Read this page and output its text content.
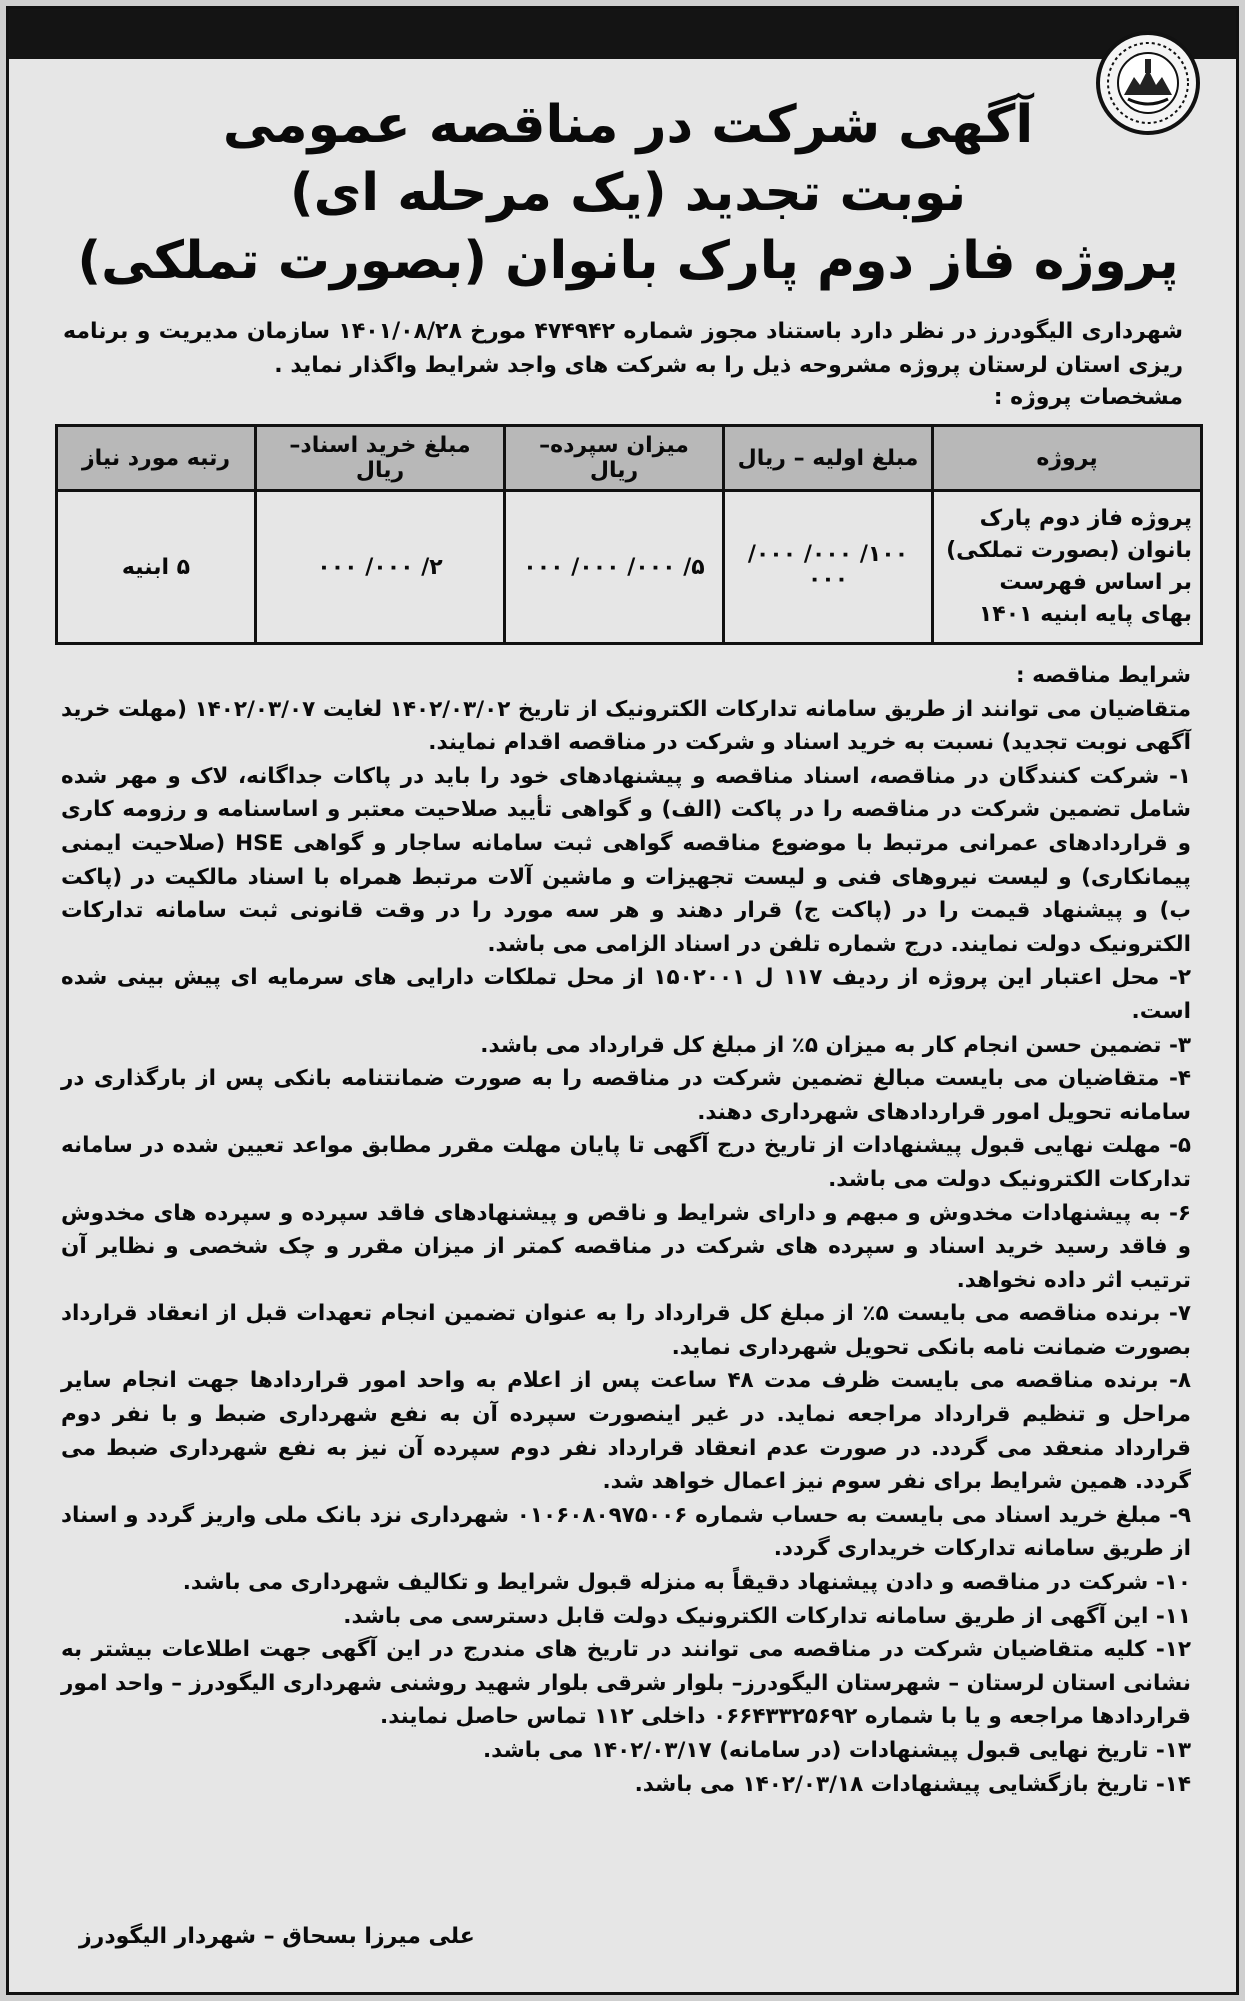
آگهی شرکت در مناقصه عمومی
نوبت تجدید (یک مرحله ای)
پروژه فاز دوم پارک بانوان (بصورت تملکی)
شهرداری الیگودرز در نظر دارد باستناد مجوز شماره ۴۷۴۹۴۲ مورخ ۱۴۰۱/۰۸/۲۸ سازمان مدیریت و برنامه ریزی استان لرستان پروژه مشروحه ذیل را به شرکت های واجد شرایط واگذار نماید .
مشخصات پروژه :
پروژه	مبلغ اولیه – ریال	میزان سپرده– ریال	مبلغ خرید اسناد– ریال	رتبه مورد نیاز
پروژه فاز دوم پارک بانوان (بصورت تملکی) بر اساس فهرست بهای پایه ابنیه ۱۴۰۱	۱۰۰/ ۰۰۰/ ۰۰۰/ ۰۰۰	۵/ ۰۰۰/ ۰۰۰/ ۰۰۰	۲/ ۰۰۰/ ۰۰۰	۵ ابنیه

شرایط مناقصه :

متقاضیان می توانند از طریق سامانه تدارکات الکترونیک از تاریخ ۱۴۰۲/۰۳/۰۲ لغایت ۱۴۰۲/۰۳/۰۷ (مهلت خرید آگهی نوبت تجدید) نسبت به خرید اسناد و شرکت در مناقصه اقدام نمایند.

۱- شرکت کنندگان در مناقصه، اسناد مناقصه و پیشنهادهای خود را باید در پاکات جداگانه، لاک و مهر شده شامل تضمین شرکت در مناقصه را در پاکت (الف) و گواهی تأیید صلاحیت معتبر و اساسنامه و رزومه کاری و قراردادهای عمرانی مرتبط با موضوع مناقصه گواهی ثبت سامانه ساجار و گواهی HSE (صلاحیت ایمنی پیمانکاری) و لیست نیروهای فنی و لیست تجهیزات و ماشین آلات مرتبط همراه با اسناد مالکیت در (پاکت ب) و پیشنهاد قیمت را در (پاکت ج) قرار دهند و هر سه مورد را در وقت قانونی ثبت سامانه تدارکات الکترونیک دولت نمایند. درج شماره تلفن در اسناد الزامی می باشد.

۲- محل اعتبار این پروژه از ردیف ۱۱۷ ل ۱۵۰۲۰۰۱ از محل تملکات دارایی های سرمایه ای پیش بینی شده است.

۳- تضمین حسن انجام کار به میزان ۵٪ از مبلغ کل قرارداد می باشد.

۴- متقاضیان می بایست مبالغ تضمین شرکت در مناقصه را به صورت ضمانتنامه بانکی پس از بارگذاری در سامانه تحویل امور قراردادهای شهرداری دهند.

۵- مهلت نهایی قبول پیشنهادات از تاریخ درج آگهی تا پایان مهلت مقرر مطابق مواعد تعیین شده در سامانه تدارکات الکترونیک دولت می باشد.

۶- به پیشنهادات مخدوش و مبهم و دارای شرایط و ناقص و پیشنهادهای فاقد سپرده و سپرده های مخدوش و فاقد رسید خرید اسناد و سپرده های شرکت در مناقصه کمتر از میزان مقرر و چک شخصی و نظایر آن ترتیب اثر داده نخواهد.

۷- برنده مناقصه می بایست ۵٪ از مبلغ کل قرارداد را به عنوان تضمین انجام تعهدات قبل از انعقاد قرارداد بصورت ضمانت نامه بانکی تحویل شهرداری نماید.

۸- برنده مناقصه می بایست ظرف مدت ۴۸ ساعت پس از اعلام به واحد امور قراردادها جهت انجام سایر مراحل و تنظیم قرارداد مراجعه نماید. در غیر اینصورت سپرده آن به نفع شهرداری ضبط و با نفر دوم قرارداد منعقد می گردد. در صورت عدم انعقاد قرارداد نفر دوم سپرده آن نیز به نفع شهرداری ضبط می گردد. همین شرایط برای نفر سوم نیز اعمال خواهد شد.

۹- مبلغ خرید اسناد می بایست به حساب شماره ۰۱۰۶۰۸۰۹۷۵۰۰۶ شهرداری نزد بانک ملی واریز گردد و اسناد از طریق سامانه تدارکات خریداری گردد.

۱۰- شرکت در مناقصه و دادن پیشنهاد دقیقاً به منزله قبول شرایط و تکالیف شهرداری می باشد.

۱۱- این آگهی از طریق سامانه تدارکات الکترونیک دولت قابل دسترسی می باشد.

۱۲- کلیه متقاضیان شرکت در مناقصه می توانند در تاریخ های مندرج در این آگهی جهت اطلاعات بیشتر به نشانی استان لرستان – شهرستان الیگودرز– بلوار شرقی بلوار شهید روشنی شهرداری الیگودرز – واحد امور قراردادها مراجعه و یا با شماره ۰۶۶۴۳۳۲۵۶۹۲ داخلی ۱۱۲ تماس حاصل نمایند.

۱۳- تاریخ نهایی قبول پیشنهادات (در سامانه) ۱۴۰۲/۰۳/۱۷ می باشد.

۱۴- تاریخ بازگشایی پیشنهادات ۱۴۰۲/۰۳/۱۸ می باشد.

علی میرزا بسحاق – شهردار الیگودرز
